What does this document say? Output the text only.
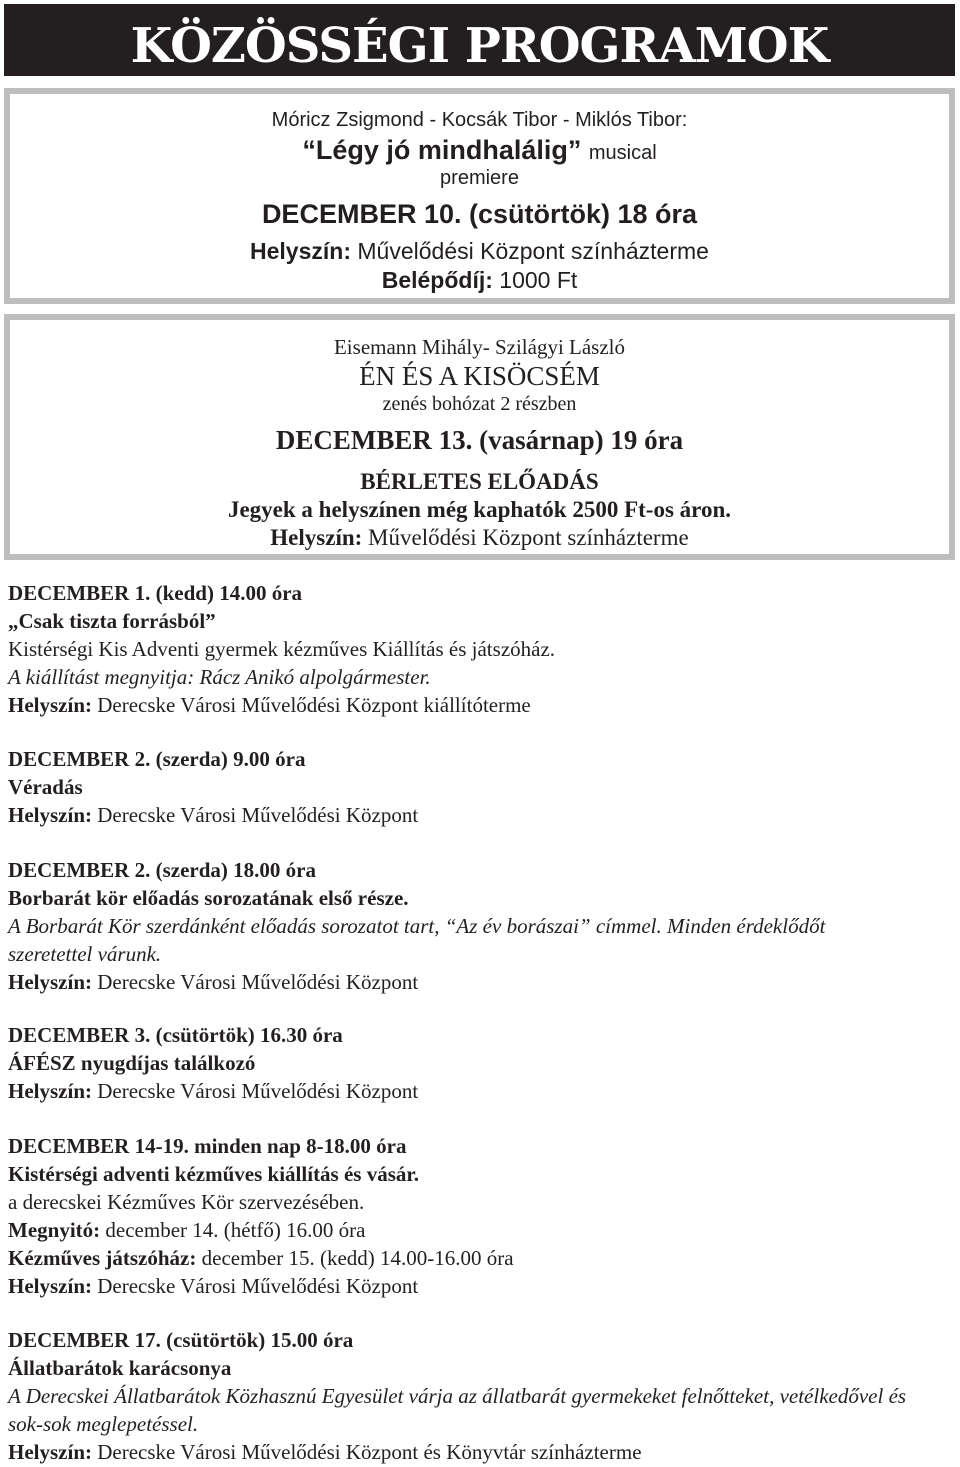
KÖZÖSSÉGI PROGRAMOK
Móricz Zsigmond - Kocsák Tibor - Miklós Tibor:
“Légy jó mindhalálig” musical
premiere
DECEMBER 10. (csütörtök) 18 óra
Helyszín: Művelődési Központ színházterme
Belépődíj: 1000 Ft
Eisemann Mihály- Szilágyi László
ÉN ÉS A KISÖCSÉM
zenés bohózat 2 részben
DECEMBER 13. (vasárnap) 19 óra
BÉRLETES ELŐADÁS
Jegyek a helyszínen még kaphatók 2500 Ft-os áron.
Helyszín: Művelődési Központ színházterme
DECEMBER 1. (kedd) 14.00 óra
„Csak tiszta forrásból”
Kistérségi Kis Adventi gyermek kézműves Kiállítás és játszóház.
A kiállítást megnyitja: Rácz Anikó alpolgármester.
Helyszín: Derecske Városi Művelődési Központ kiállítóterme
DECEMBER 2. (szerda) 9.00 óra
Véradás
Helyszín: Derecske Városi Művelődési Központ
DECEMBER 2. (szerda) 18.00 óra
Borbarát kör előadás sorozatának első része.
A Borbarát Kör szerdánként előadás sorozatot tart, “Az év borászai” címmel. Minden érdeklődőt szeretettel várunk.
Helyszín: Derecske Városi Művelődési Központ
DECEMBER 3. (csütörtök) 16.30 óra
ÁFÉSZ nyugdíjas találkozó
Helyszín: Derecske Városi Művelődési Központ
DECEMBER 14-19. minden nap 8-18.00 óra
Kistérségi adventi kézműves kiállítás és vásár.
a derecskei Kézműves Kör szervezésében.
Megnyitó: december 14. (hétfő) 16.00 óra
Kézműves játszóház: december 15. (kedd) 14.00-16.00 óra
Helyszín: Derecske Városi Művelődési Központ
DECEMBER 17. (csütörtök) 15.00 óra
Állatbarátok karácsonya
A Derecskei Állatbarátok Közhasznú Egyesület várja az állatbarát gyermekeket felnőtteket, vetélkedővel és sok-sok meglepetéssel.
Helyszín: Derecske Városi Művelődési Központ és Könyvtár színházterme
